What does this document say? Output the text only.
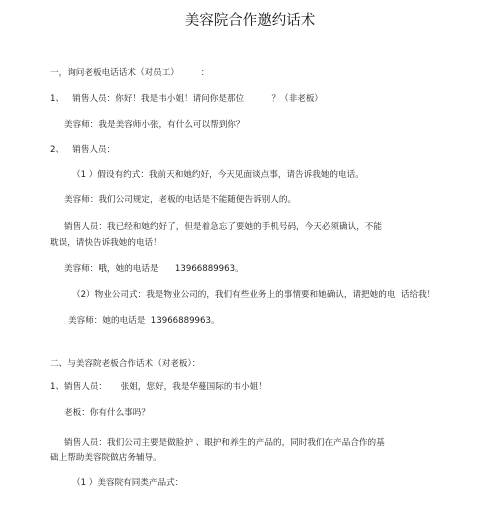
美容院合作邀约话术
一，询问老板电话话术（对员工）        ：
1、   销售人员：你好！我是韦小姐！请问你是那位          ？（非老板）
美容师：我是美容师小张，有什么可以帮到你？
2、   销售人员：
（1 ）假设有约式：我前天和她约好，今天见面谈点事，请告诉我她的电话。
美容师：我们公司规定，老板的电话是不能随便告诉别人的。
销售人员：我已经和她约好了，但是着急忘了要她的手机号码，今天必须确认，不能
耽误，请快告诉我她的电话！
美容师：哦，她的电话是      13966889963。
（2）物业公司式：我是物业公司的，我们有些业务上的事情要和她确认，请把她的电  话给我！
美容师：她的电话是  13966889963。
二、与美容院老板合作话术（对老板）：
1、销售人员：     张姐，您好，我是华蔓国际的韦小姐！
老板：你有什么事吗？
销售人员：我们公司主要是做脸护 、眼护和养生的产品的，同时我们在产品合作的基
础上帮助美容院做店务辅导。
（1 ）美容院有同类产品式：
